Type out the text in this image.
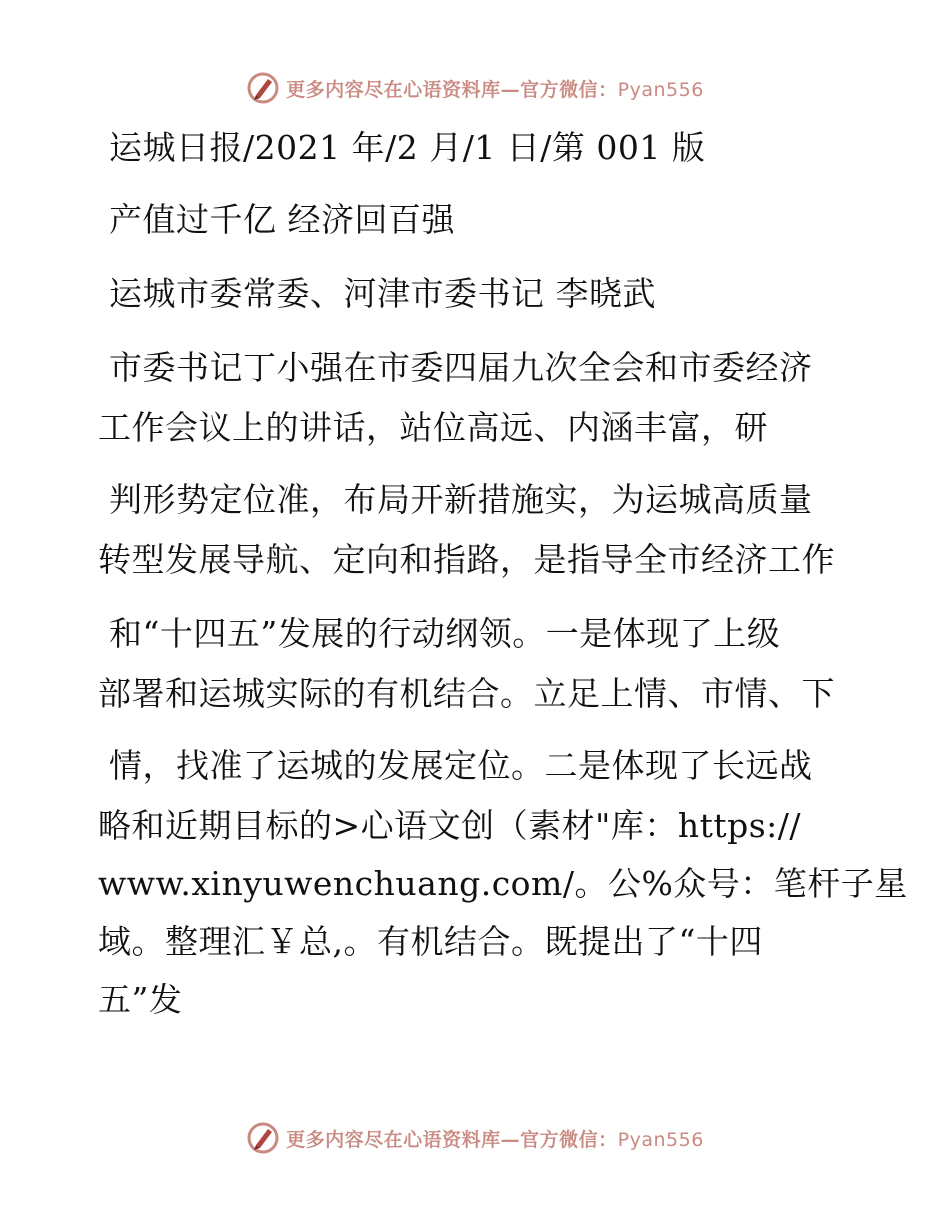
更多内容尽在心语资料库—官方微信：Pyan556
运城日报/2021 年/2 月/1 日/第 001 版
产值过千亿 经济回百强
运城市委常委、河津市委书记 李晓武
市委书记丁小强在市委四届九次全会和市委经济
工作会议上的讲话，站位高远、内涵丰富，研
判形势定位准，布局开新措施实，为运城高质量
转型发展导航、定向和指路，是指导全市经济工作
和“十四五”发展的行动纲领。一是体现了上级
部署和运城实际的有机结合。立足上情、市情、下
情，找准了运城的发展定位。二是体现了长远战
略和近期目标的>心语文创（素材"库：https://
www.xinyuwenchuang.com/。公%众号：笔杆子星
域。整理汇￥总,。有机结合。既提出了“十四
五”发
更多内容尽在心语资料库—官方微信：Pyan556
